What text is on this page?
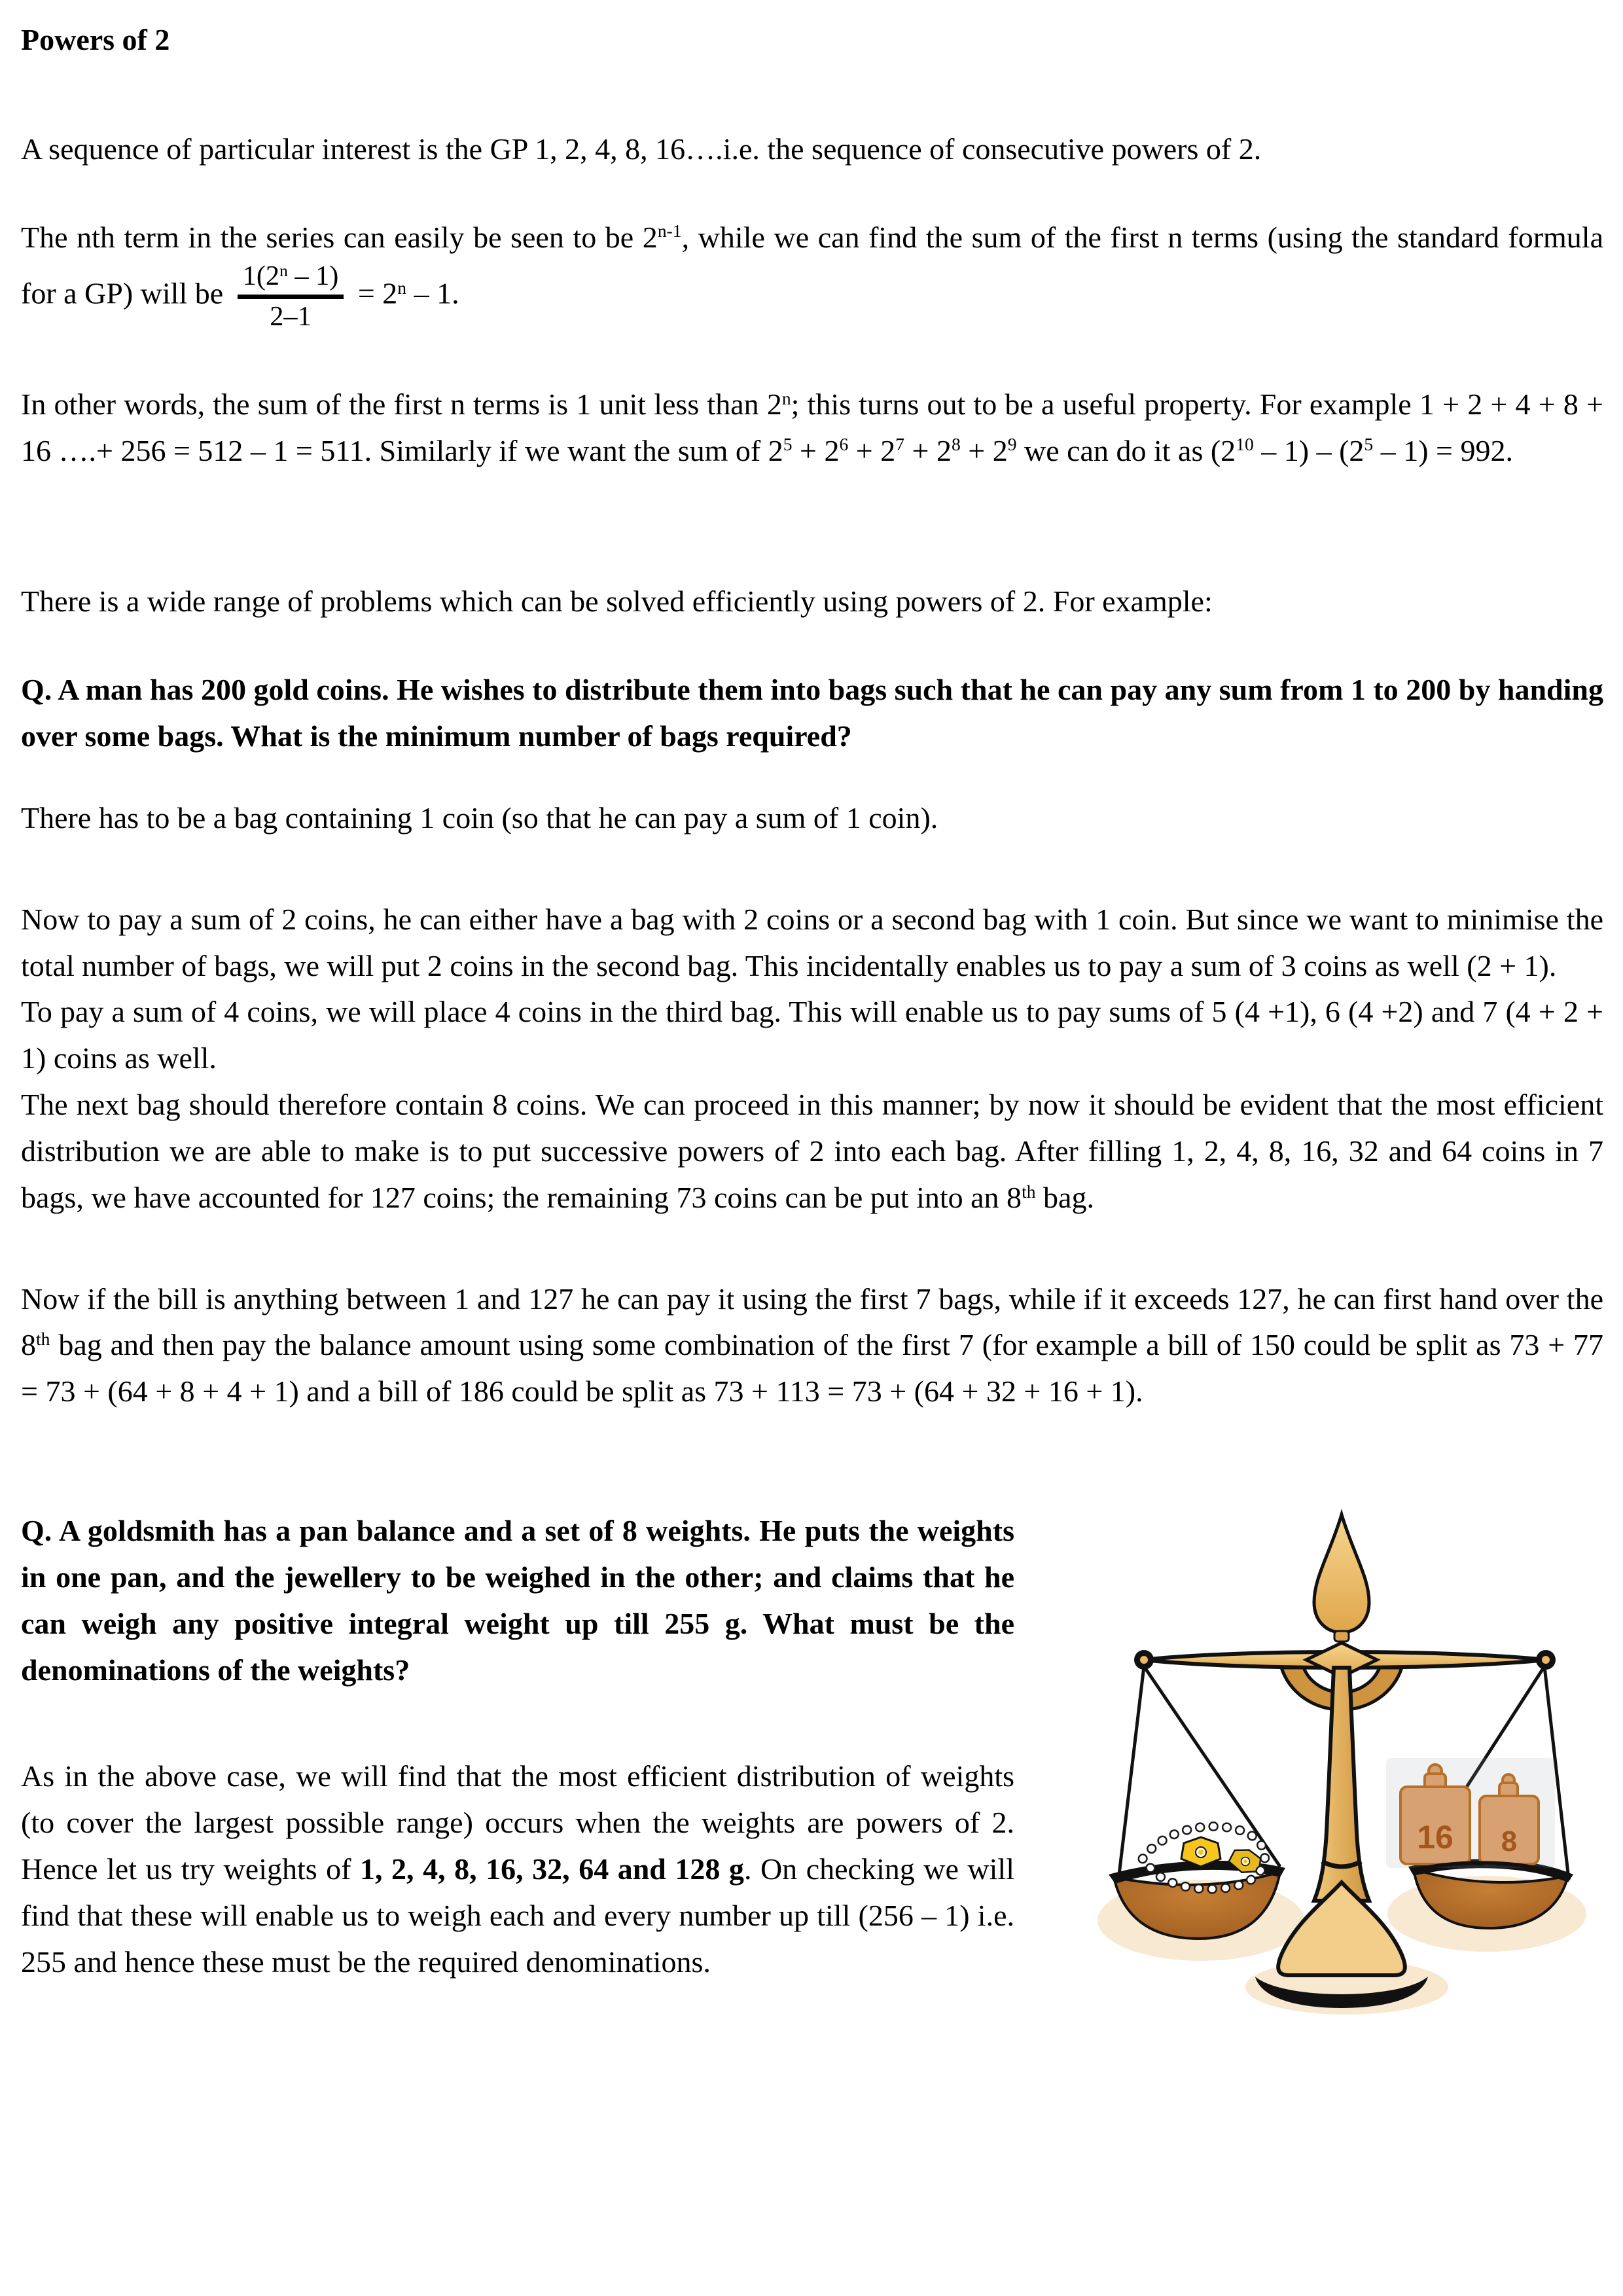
Powers of 2

A sequence of particular interest is the GP 1, 2, 4, 8, 16….i.e. the sequence of consecutive powers of 2.

The nth term in the series can easily be seen to be 2$^{n-1}$, while we can find the sum of the first n terms (using the standard formula for a GP) will be $\frac{1(2^n - 1)}{2-1} = 2^n - 1$.

In other words, the sum of the first n terms is 1 unit less than 2$^n$; this turns out to be a useful property. For example 1 + 2 + 4 + 8 + 16 ….+ 256 = 512 – 1 = 511. Similarly if we want the sum of $2^5 + 2^6 + 2^7 + 2^8 + 2^9$ we can do it as $(2^{10} - 1) - (2^5 - 1) = 992$.

There is a wide range of problems which can be solved efficiently using powers of 2. For example:

Q. A man has 200 gold coins. He wishes to distribute them into bags such that he can pay any sum from 1 to 200 by handing over some bags. What is the minimum number of bags required?

There has to be a bag containing 1 coin (so that he can pay a sum of 1 coin).

Now to pay a sum of 2 coins, he can either have a bag with 2 coins or a second bag with 1 coin. But since we want to minimise the total number of bags, we will put 2 coins in the second bag. This incidentally enables us to pay a sum of 3 coins as well (2 + 1).

To pay a sum of 4 coins, we will place 4 coins in the third bag. This will enable us to pay sums of 5 (4 +1), 6 (4 +2) and 7 (4 + 2 + 1) coins as well.

The next bag should therefore contain 8 coins. We can proceed in this manner; by now it should be evident that the most efficient distribution we are able to make is to put successive powers of 2 into each bag. After filling 1, 2, 4, 8, 16, 32 and 64 coins in 7 bags, we have accounted for 127 coins; the remaining 73 coins can be put into an 8th bag.

Now if the bill is anything between 1 and 127 he can pay it using the first 7 bags, while if it exceeds 127, he can first hand over the 8th bag and then pay the balance amount using some combination of the first 7 (for example a bill of 150 could be split as 73 + 77 = 73 + (64 + 8 + 4 + 1) and a bill of 186 could be split as 73 + 113 = 73 + (64 + 32 + 16 + 1).

16 8

Q. A goldsmith has a pan balance and a set of 8 weights. He puts the weights in one pan, and the jewellery to be weighed in the other; and claims that he can weigh any positive integral weight up till 255 g. What must be the denominations of the weights?

As in the above case, we will find that the most efficient distribution of weights (to cover the largest possible range) occurs when the weights are powers of 2. Hence let us try weights of 1, 2, 4, 8, 16, 32, 64 and 128 g. On checking we will find that these will enable us to weigh each and every number up till (256 – 1) i.e. 255 and hence these must be the required denominations.
